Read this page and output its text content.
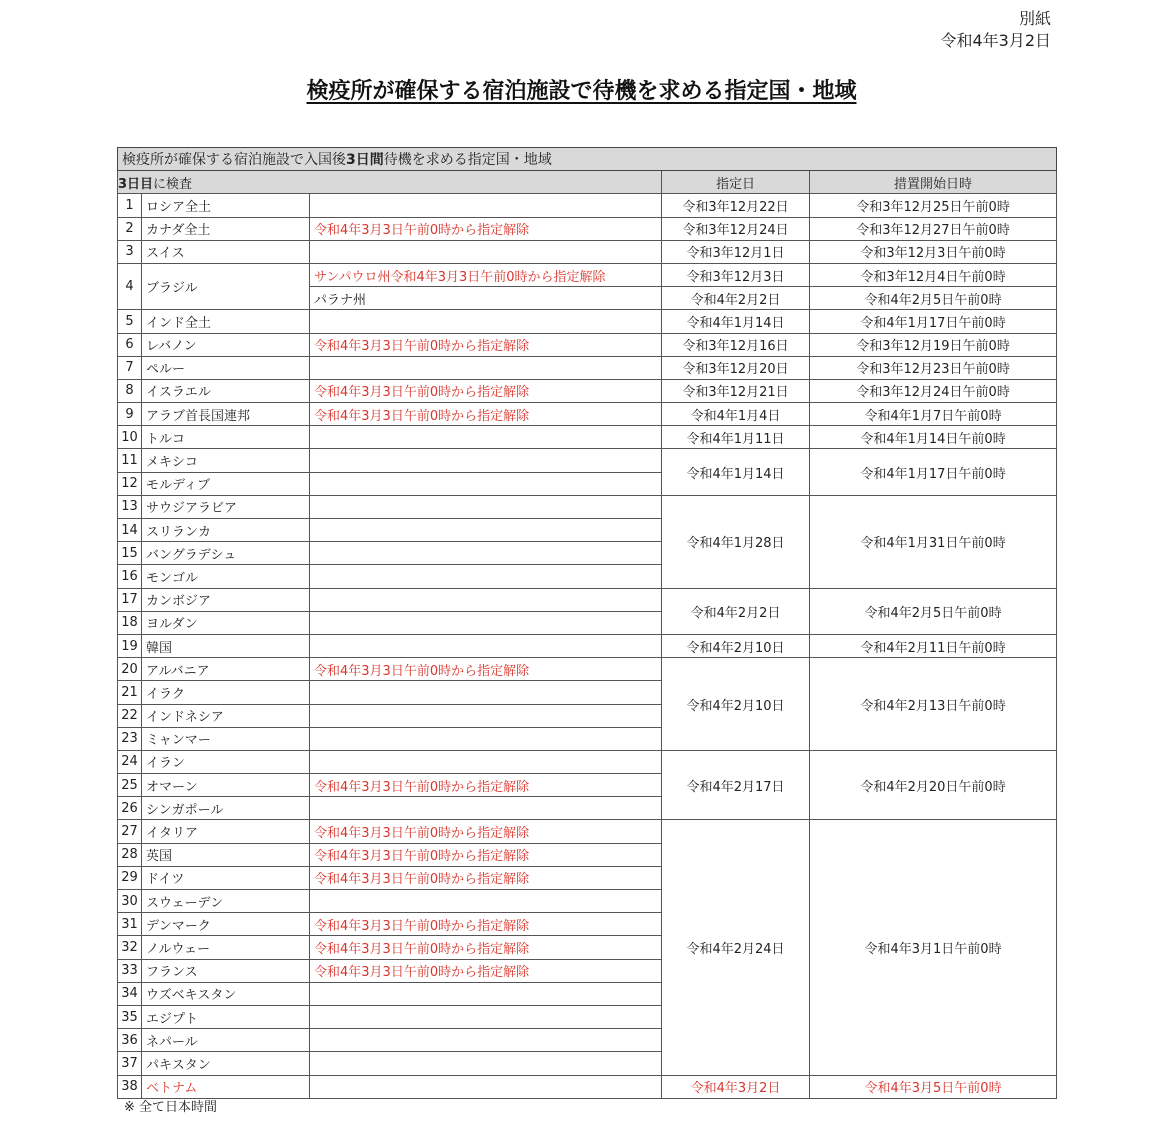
別紙
令和4年3月2日
検疫所が確保する宿泊施設で待機を求める指定国・地域
検疫所が確保する宿泊施設で入国後3日間待機を求める指定国・地域				
3日目に検査			指定日	措置開始日時
1	ロシア全土		令和3年12月22日	令和3年12月25日午前0時
2	カナダ全土	令和4年3月3日午前0時から指定解除	令和3年12月24日	令和3年12月27日午前0時
3	スイス		令和3年12月1日	令和3年12月3日午前0時
4	ブラジル	サンパウロ州令和4年3月3日午前0時から指定解除	令和3年12月3日	令和3年12月4日午前0時
		パラナ州	令和4年2月2日	令和4年2月5日午前0時
5	インド全土		令和4年1月14日	令和4年1月17日午前0時
6	レバノン	令和4年3月3日午前0時から指定解除	令和3年12月16日	令和3年12月19日午前0時
7	ペルー		令和3年12月20日	令和3年12月23日午前0時
8	イスラエル	令和4年3月3日午前0時から指定解除	令和3年12月21日	令和3年12月24日午前0時
9	アラブ首長国連邦	令和4年3月3日午前0時から指定解除	令和4年1月4日	令和4年1月7日午前0時
10	トルコ		令和4年1月11日	令和4年1月14日午前0時
11	メキシコ		令和4年1月14日	令和4年1月17日午前0時
12	モルディブ			
13	サウジアラビア		令和4年1月28日	令和4年1月31日午前0時
14	スリランカ			
15	バングラデシュ			
16	モンゴル			
17	カンボジア		令和4年2月2日	令和4年2月5日午前0時
18	ヨルダン			
19	韓国		令和4年2月10日	令和4年2月11日午前0時
20	アルバニア	令和4年3月3日午前0時から指定解除	令和4年2月10日	令和4年2月13日午前0時
21	イラク			
22	インドネシア			
23	ミャンマー			
24	イラン		令和4年2月17日	令和4年2月20日午前0時
25	オマーン	令和4年3月3日午前0時から指定解除		
26	シンガポール			
27	イタリア	令和4年3月3日午前0時から指定解除	令和4年2月24日	令和4年3月1日午前0時
28	英国	令和4年3月3日午前0時から指定解除		
29	ドイツ	令和4年3月3日午前0時から指定解除		
30	スウェーデン			
31	デンマーク	令和4年3月3日午前0時から指定解除		
32	ノルウェー	令和4年3月3日午前0時から指定解除		
33	フランス	令和4年3月3日午前0時から指定解除		
34	ウズベキスタン			
35	エジプト			
36	ネパール			
37	パキスタン			
38	ベトナム		令和4年3月2日	令和4年3月5日午前0時
※ 全て日本時間
